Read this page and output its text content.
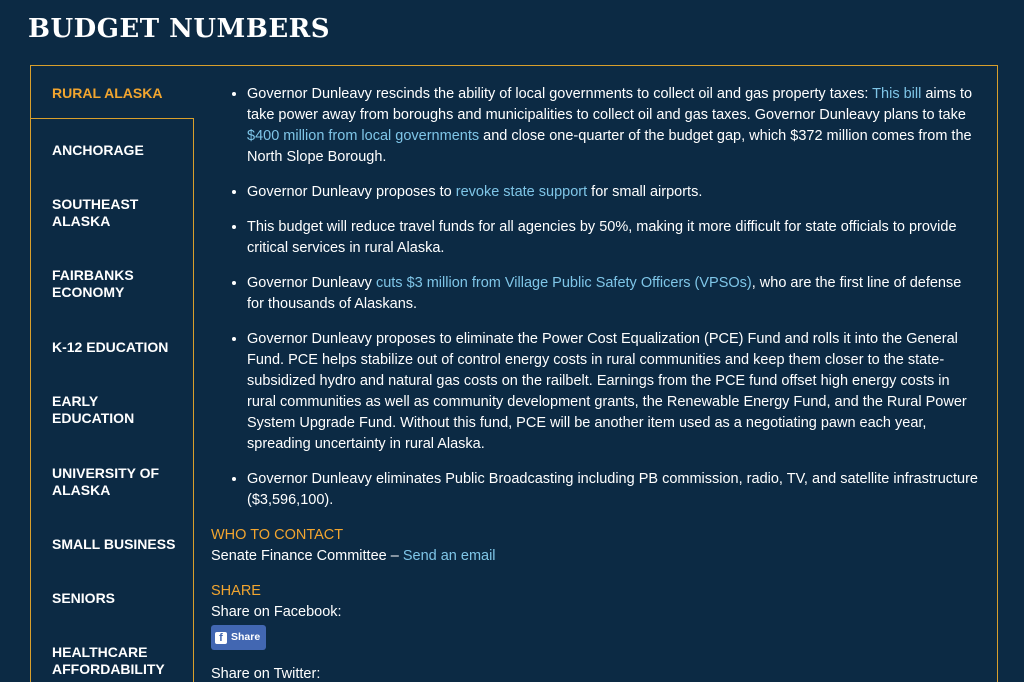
BUDGET NUMBERS
RURAL ALASKA
ANCHORAGE
SOUTHEAST
ALASKA
FAIRBANKS
ECONOMY
K-12 EDUCATION
EARLY
EDUCATION
UNIVERSITY OF
ALASKA
SMALL BUSINESS
SENIORS
HEALTHCARE
AFFORDABILITY
• Governor Dunleavy rescinds the ability of local governments to collect oil and gas property taxes: This bill aims to take power away from boroughs and municipalities to collect oil and gas taxes. Governor Dunleavy plans to take $400 million from local governments and close one-quarter of the budget gap, which $372 million comes from the North Slope Borough.
• Governor Dunleavy proposes to revoke state support for small airports.
• This budget will reduce travel funds for all agencies by 50%, making it more difficult for state officials to provide critical services in rural Alaska.
• Governor Dunleavy cuts $3 million from Village Public Safety Officers (VPSOs), who are the first line of defense for thousands of Alaskans.
• Governor Dunleavy proposes to eliminate the Power Cost Equalization (PCE) Fund and rolls it into the General Fund. PCE helps stabilize out of control energy costs in rural communities and keep them closer to the state-subsidized hydro and natural gas costs on the railbelt. Earnings from the PCE fund offset high energy costs in rural communities as well as community development grants, the Renewable Energy Fund, and the Rural Power System Upgrade Fund. Without this fund, PCE will be another item used as a negotiating pawn each year, spreading uncertainty in rural Alaska.
• Governor Dunleavy eliminates Public Broadcasting including PB commission, radio, TV, and satellite infrastructure ($3,596,100).

WHO TO CONTACT

Senate Finance Committee – Send an email

SHARE

Share on Facebook:

f Share

Share on Twitter:
